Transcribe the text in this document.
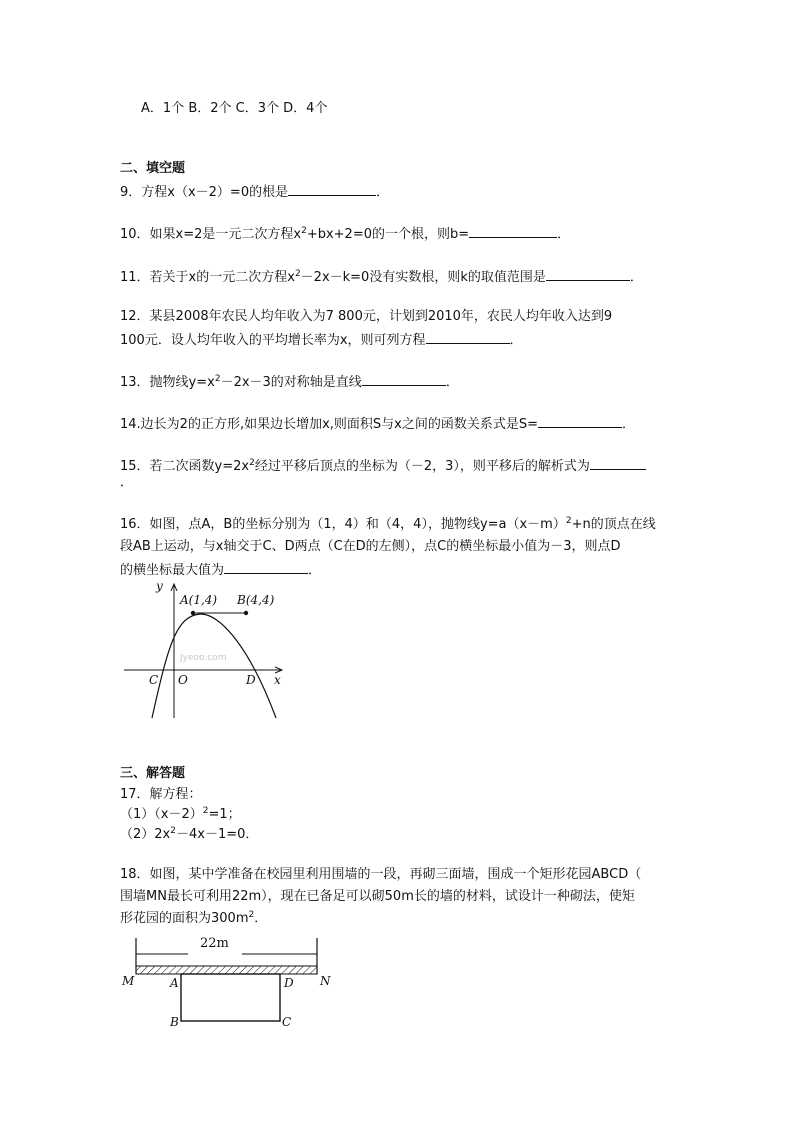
A．1个 B．2个 C．3个 D．4个
二、填空题
9．方程x（x－2）=0的根是	．
10．如果x=2是一元二次方程$x^2+bx+2=0$的一个根，则b=	．
11．若关于x的一元二次方程$x^2-2x-k=0$没有实数根，则k的取值范围是	．
12．某县2008年农民人均年收入为7 800元，计划到2010年，农民人均年收入达到9
100元．设人均年收入的平均增长率为x，则可列方程	．
13．抛物线$y=x^2-2x-3$的对称轴是直线	．
14.边长为2的正方形,如果边长增加x,则面积S与x之间的函数关系式是S=	．
15．若二次函数$y=2x^2$经过平移后顶点的坐标为（－2，3），则平移后的解析式为
．
16．如图，点A，B的坐标分别为（1，4）和（4，4），抛物线$y=a(x-m)^2+n$的顶点在线
段AB上运动，与x轴交于C、D两点（C在D的左侧），点C的横坐标最小值为－3，则点D
的横坐标最大值为	．
Jyeoo.com
y
x
A(1,4) B(4,4)
C O	D
三、解答题
17．解方程：
$(1)(x-2)^2=1$；
$(2)2x^2-4x-1=0$．
18．如图，某中学准备在校园里利用围墙的一段，再砌三面墙，围成一个矩形花园ABCD（
围墙MN最长可利用22m），现在已备足可以砌50m长的墙的材料，试设计一种砌法，使矩
形花园的面积为$300m^2$．
22m
M	N
A	D
B	C
